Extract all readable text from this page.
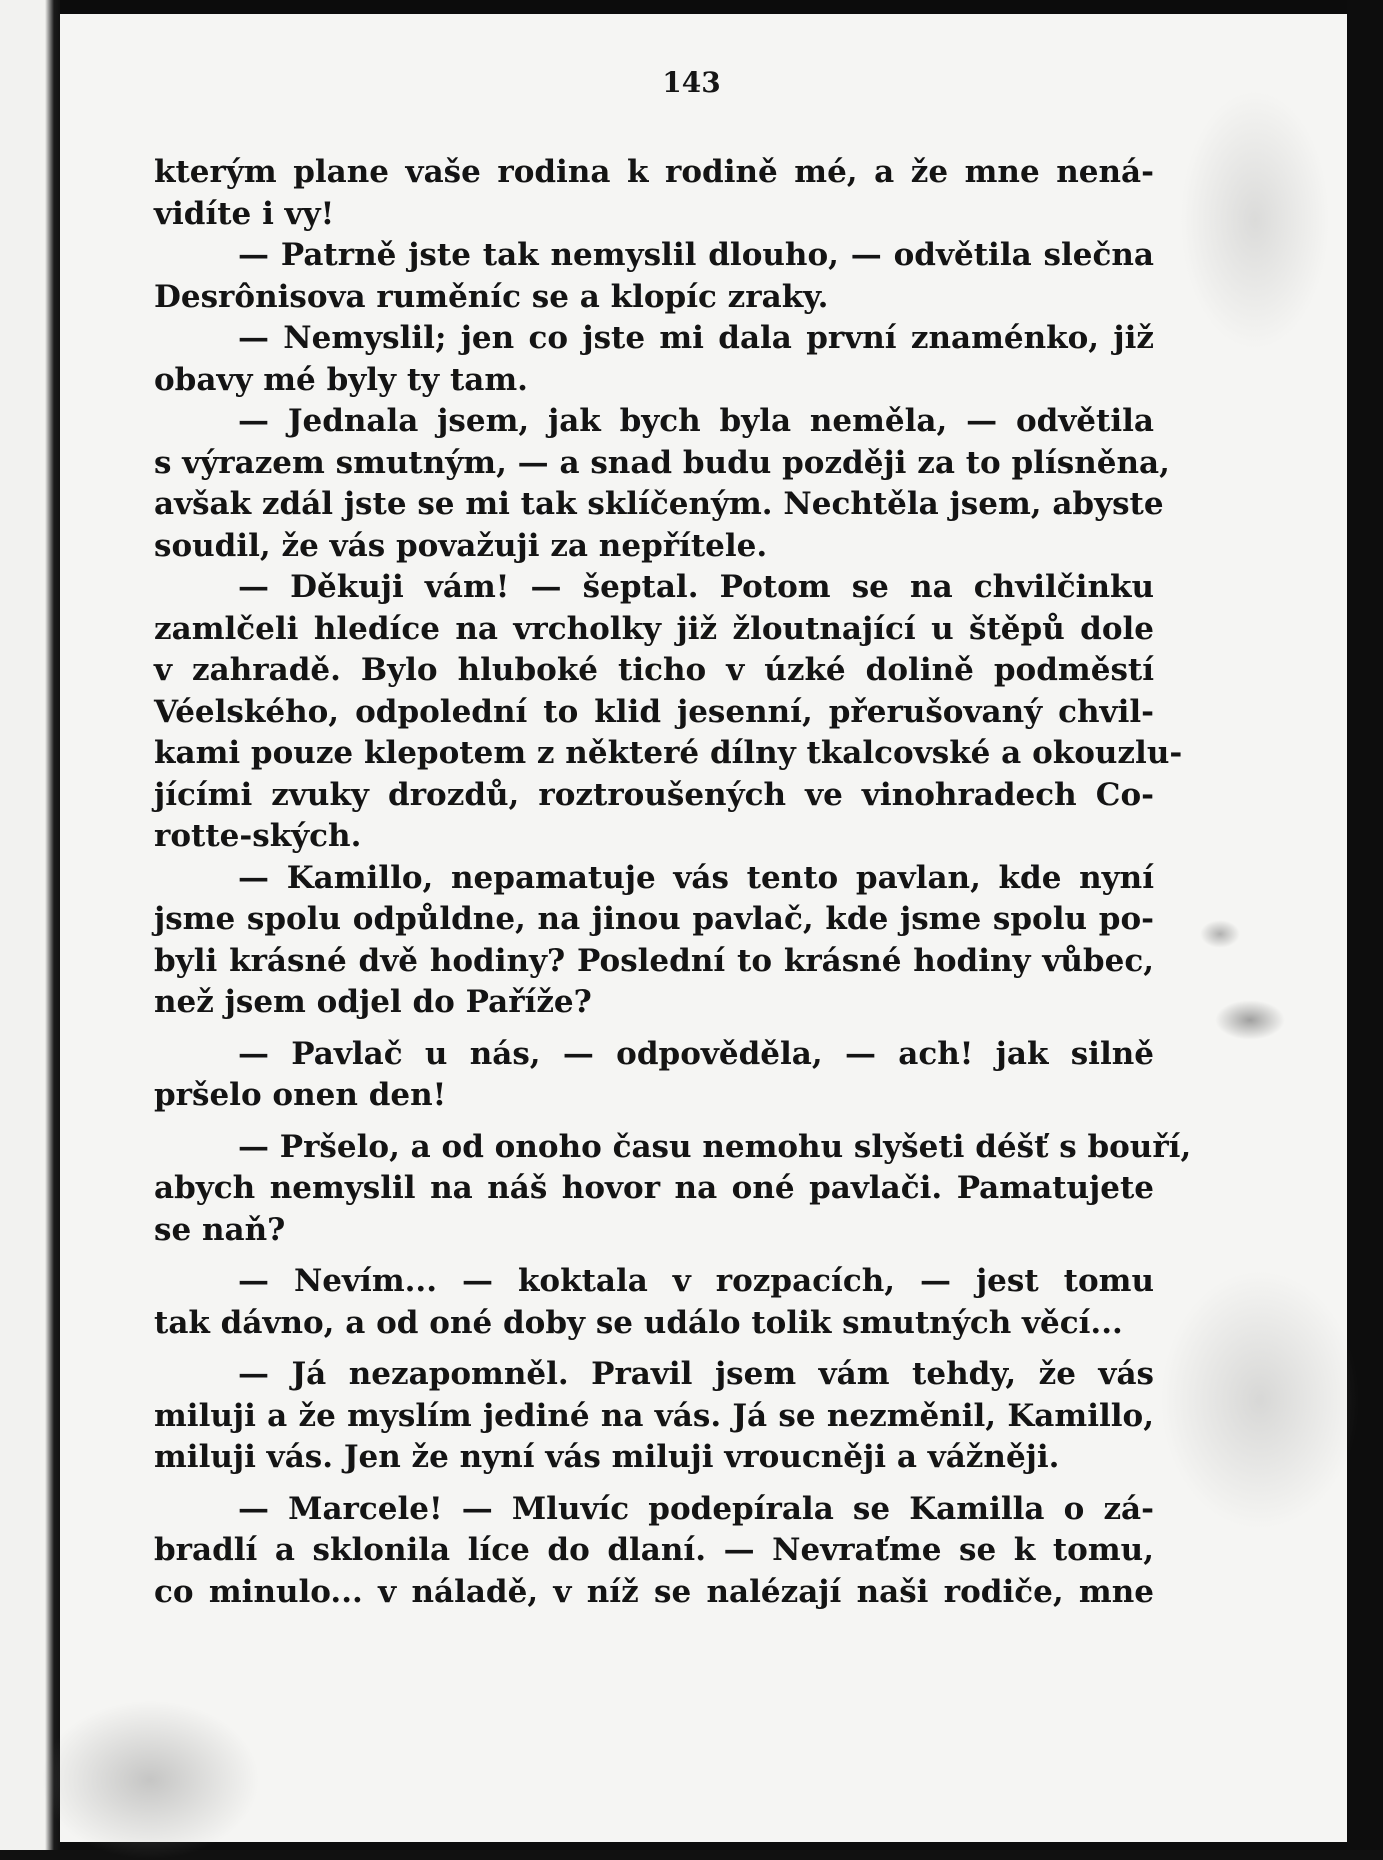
143
kterým plane vaše rodina k rodině mé, a že mne nená-
vidíte i vy!
— Patrně jste tak nemyslil dlouho, — odvětila slečna
Desrônisova ruměníc se a klopíc zraky.
— Nemyslil; jen co jste mi dala první znaménko, již
obavy mé byly ty tam.
— Jednala jsem, jak bych byla neměla, — odvětila
s výrazem smutným, — a snad budu později za to plísněna,
avšak zdál jste se mi tak sklíčeným. Nechtěla jsem, abyste
soudil, že vás považuji za nepřítele.
— Děkuji vám! — šeptal. Potom se na chvilčinku
zamlčeli hledíce na vrcholky již žloutnající u štěpů dole
v zahradě. Bylo hluboké ticho v úzké dolině podměstí
Véelského, odpolední to klid jesenní, přerušovaný chvil-
kami pouze klepotem z některé dílny tkalcovské a okouzlu-
jícími zvuky drozdů, roztroušených ve vinohradech Co-
rotte-ských.
— Kamillo, nepamatuje vás tento pavlan, kde nyní
jsme spolu odpůldne, na jinou pavlač, kde jsme spolu po-
byli krásné dvě hodiny? Poslední to krásné hodiny vůbec,
než jsem odjel do Paříže?
— Pavlač u nás, — odpověděla, — ach! jak silně
pršelo onen den!
— Pršelo, a od onoho času nemohu slyšeti déšť s bouří,
abych nemyslil na náš hovor na oné pavlači. Pamatujete
se naň?
— Nevím... — koktala v rozpacích, — jest tomu
tak dávno, a od oné doby se událo tolik smutných věcí...
— Já nezapomněl. Pravil jsem vám tehdy, že vás
miluji a že myslím jediné na vás. Já se nezměnil, Kamillo,
miluji vás. Jen že nyní vás miluji vroucněji a vážněji.
— Marcele! — Mluvíc podepírala se Kamilla o zá-
bradlí a sklonila líce do dlaní. — Nevraťme se k tomu,
co minulo... v náladě, v níž se nalézají naši rodiče, mne
